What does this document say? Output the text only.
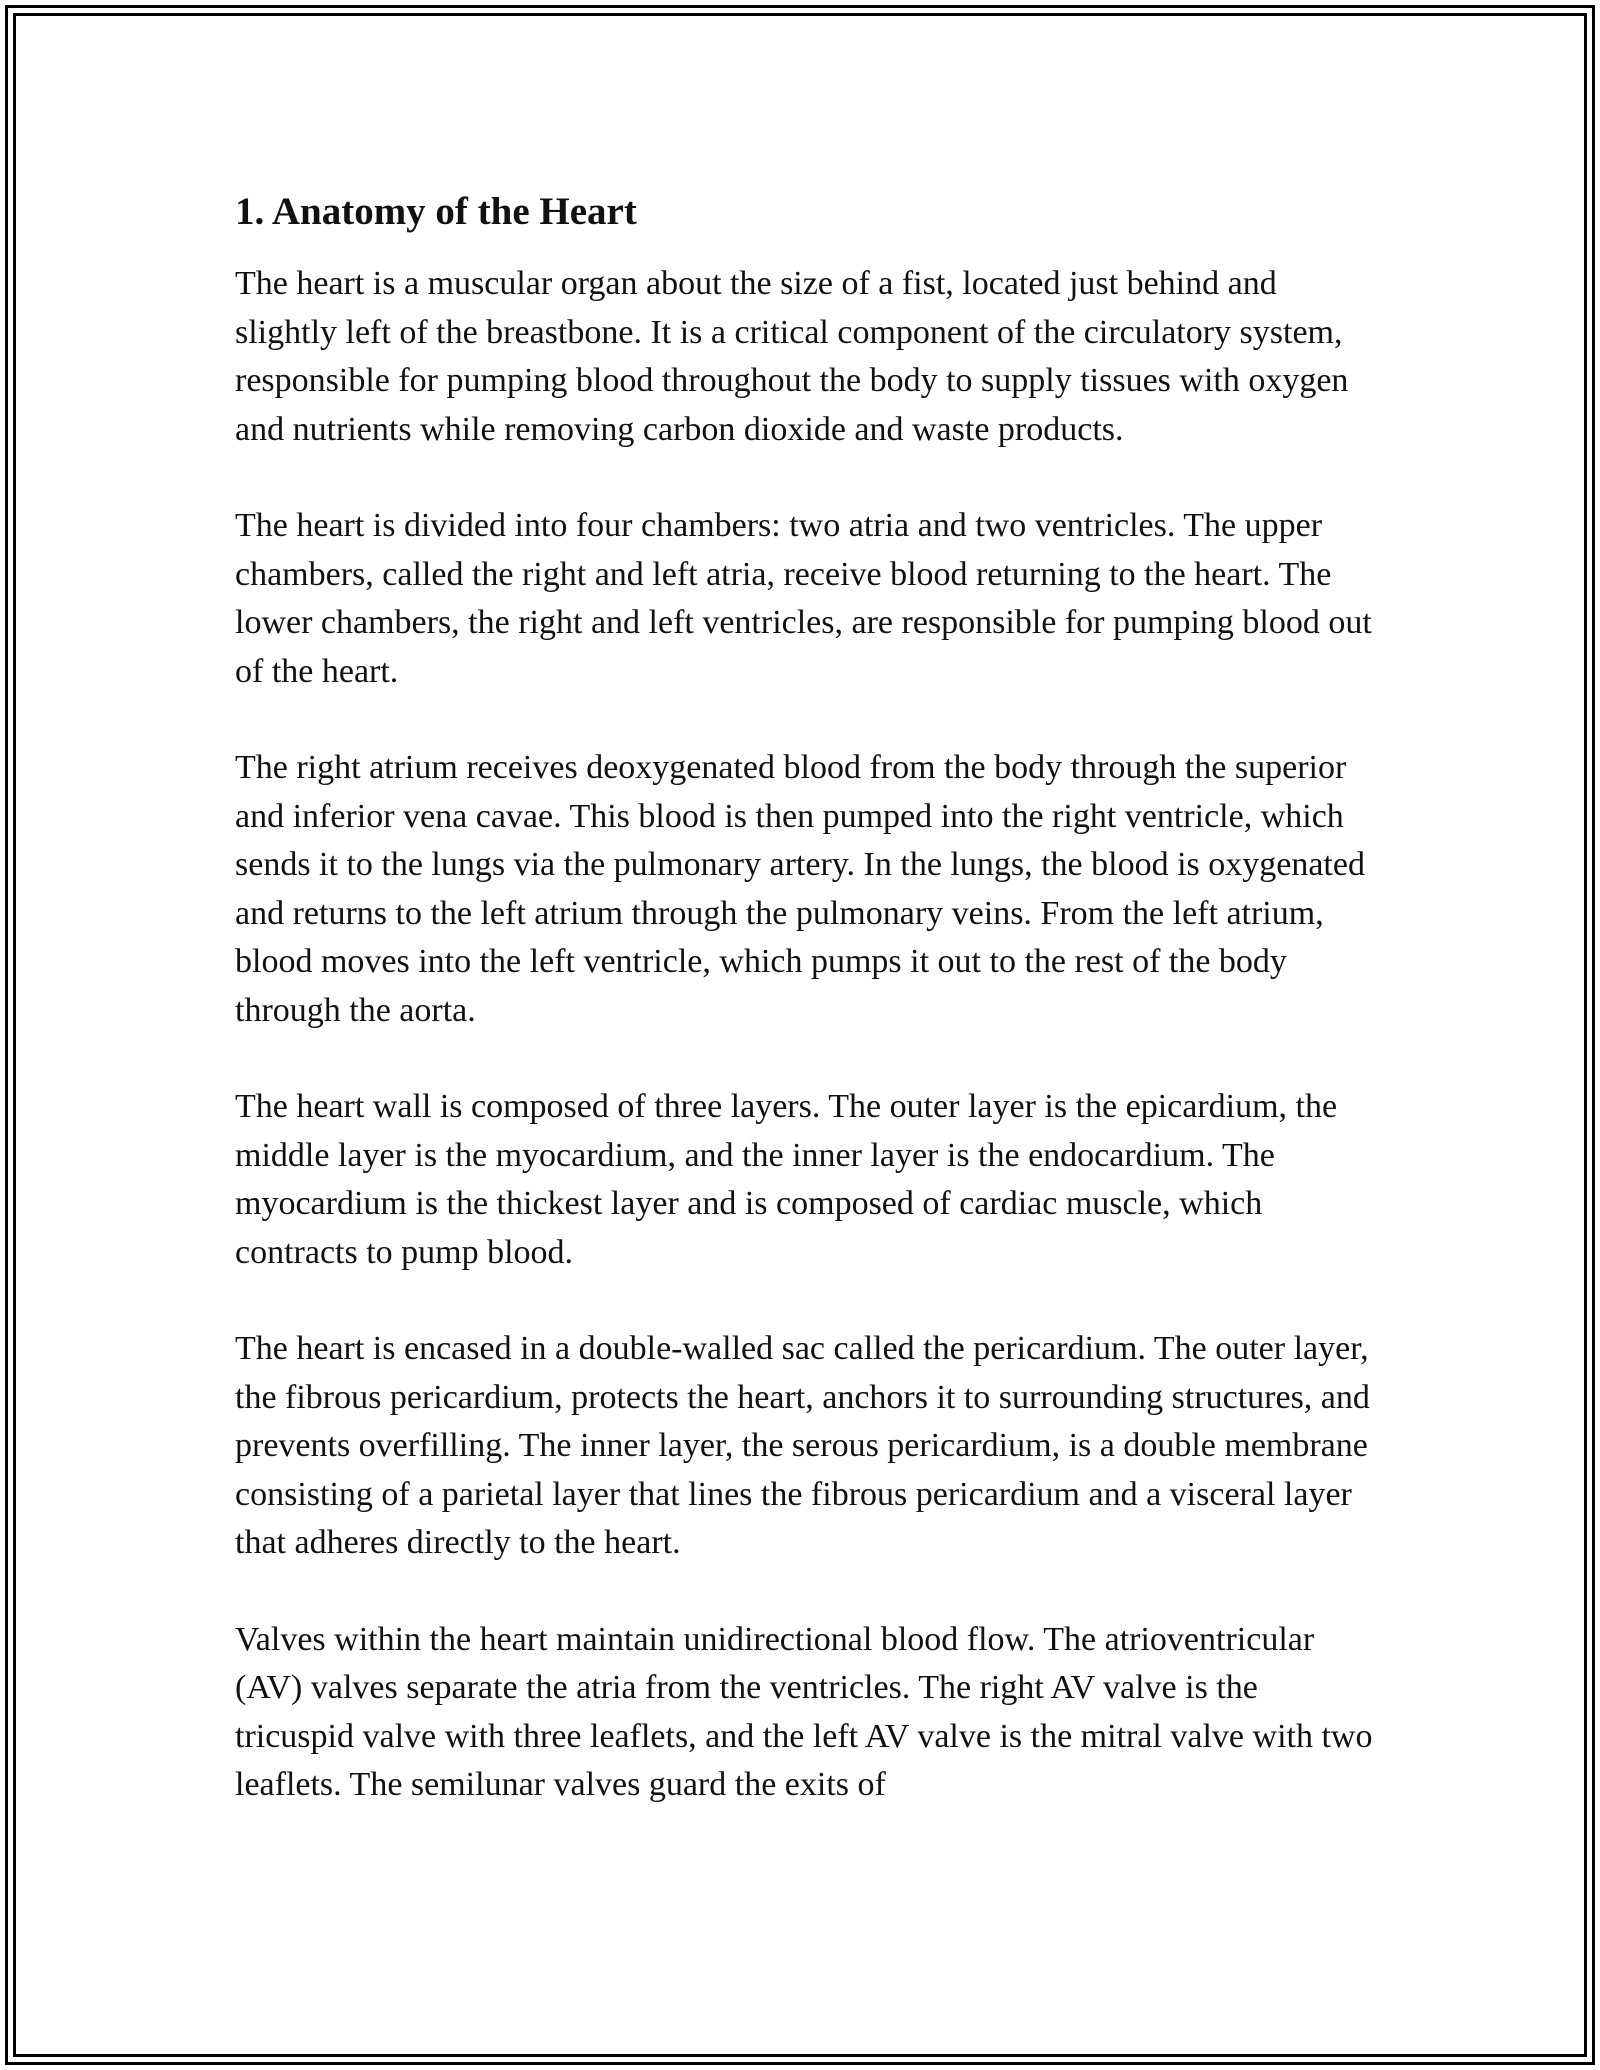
1. Anatomy of the Heart

The heart is a muscular organ about the size of a fist, located just behind and slightly left of the breastbone. It is a critical component of the circulatory system, responsible for pumping blood throughout the body to supply tissues with oxygen and nutrients while removing carbon dioxide and waste products.

The heart is divided into four chambers: two atria and two ventricles. The upper chambers, called the right and left atria, receive blood returning to the heart. The lower chambers, the right and left ventricles, are responsible for pumping blood out of the heart.

The right atrium receives deoxygenated blood from the body through the superior and inferior vena cavae. This blood is then pumped into the right ventricle, which sends it to the lungs via the pulmonary artery. In the lungs, the blood is oxygenated and returns to the left atrium through the pulmonary veins. From the left atrium, blood moves into the left ventricle, which pumps it out to the rest of the body through the aorta.

The heart wall is composed of three layers. The outer layer is the epicardium, the middle layer is the myocardium, and the inner layer is the endocardium. The myocardium is the thickest layer and is composed of cardiac muscle, which contracts to pump blood.

The heart is encased in a double-walled sac called the pericardium. The outer layer, the fibrous pericardium, protects the heart, anchors it to surrounding structures, and prevents overfilling. The inner layer, the serous pericardium, is a double membrane consisting of a parietal layer that lines the fibrous pericardium and a visceral layer that adheres directly to the heart.

Valves within the heart maintain unidirectional blood flow. The atrioventricular (AV) valves separate the atria from the ventricles. The right AV valve is the tricuspid valve with three leaflets, and the left AV valve is the mitral valve with two leaflets. The semilunar valves guard the exits of
